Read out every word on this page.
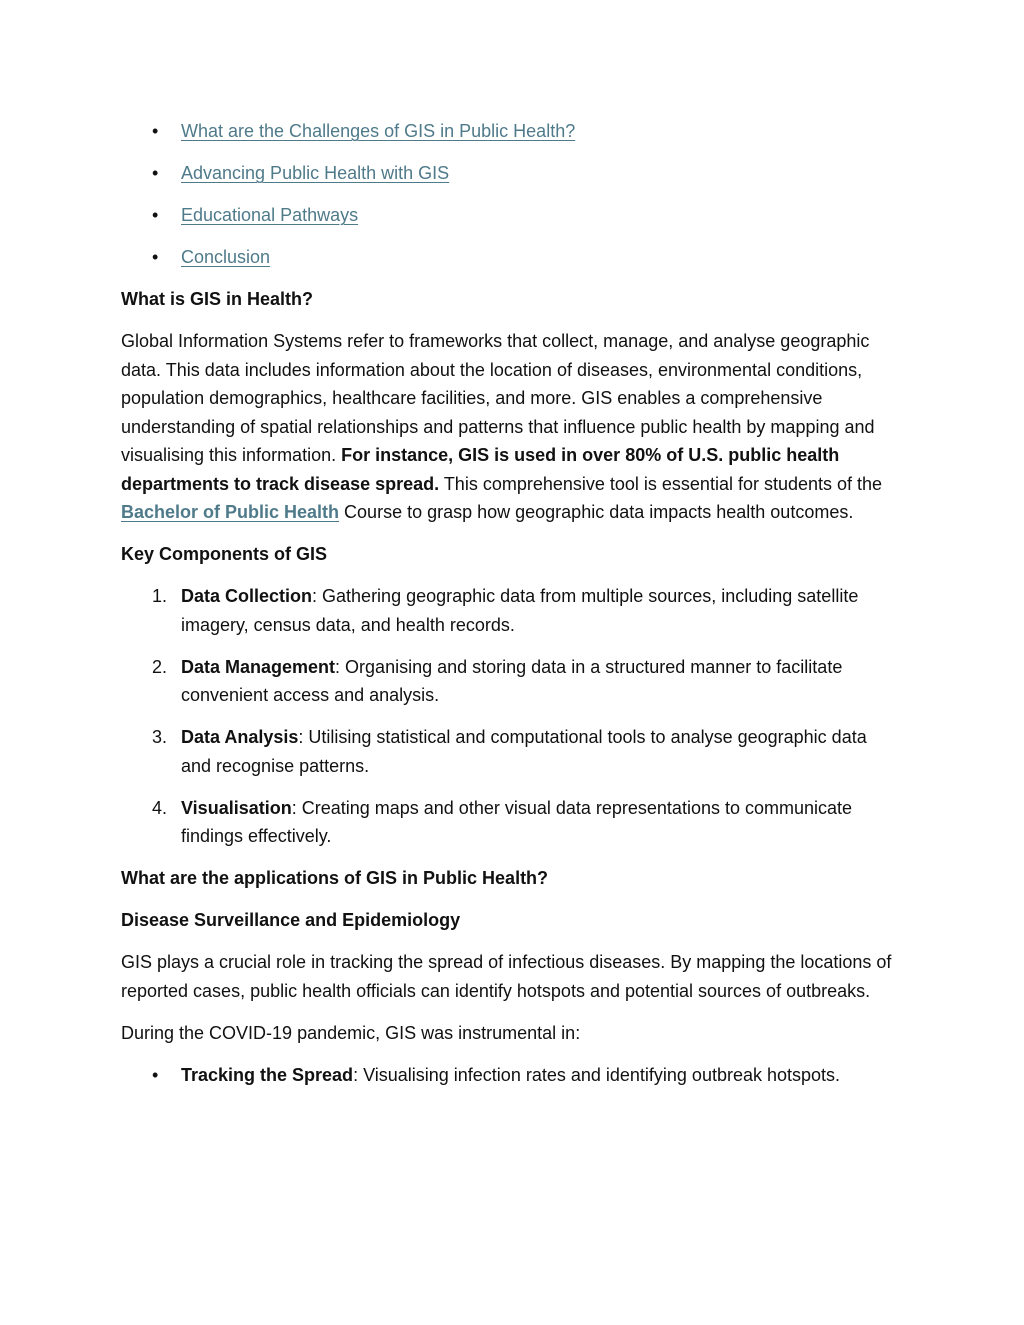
• What are the Challenges of GIS in Public Health?
• Advancing Public Health with GIS
• Educational Pathways
• Conclusion
What is GIS in Health?

Global Information Systems refer to frameworks that collect, manage, and analyse geographic data. This data includes information about the location of diseases, environmental conditions, population demographics, healthcare facilities, and more. GIS enables a comprehensive understanding of spatial relationships and patterns that influence public health by mapping and visualising this information. For instance, GIS is used in over 80% of U.S. public health departments to track disease spread. This comprehensive tool is essential for students of the Bachelor of Public Health Course to grasp how geographic data impacts health outcomes.

Key Components of GIS
1. Data Collection: Gathering geographic data from multiple sources, including satellite imagery, census data, and health records.
2. Data Management: Organising and storing data in a structured manner to facilitate convenient access and analysis.
3. Data Analysis: Utilising statistical and computational tools to analyse geographic data and recognise patterns.
4. Visualisation: Creating maps and other visual data representations to communicate findings effectively.
What are the applications of GIS in Public Health?
Disease Surveillance and Epidemiology

GIS plays a crucial role in tracking the spread of infectious diseases. By mapping the locations of reported cases, public health officials can identify hotspots and potential sources of outbreaks.

During the COVID-19 pandemic, GIS was instrumental in:

• Tracking the Spread: Visualising infection rates and identifying outbreak hotspots.
